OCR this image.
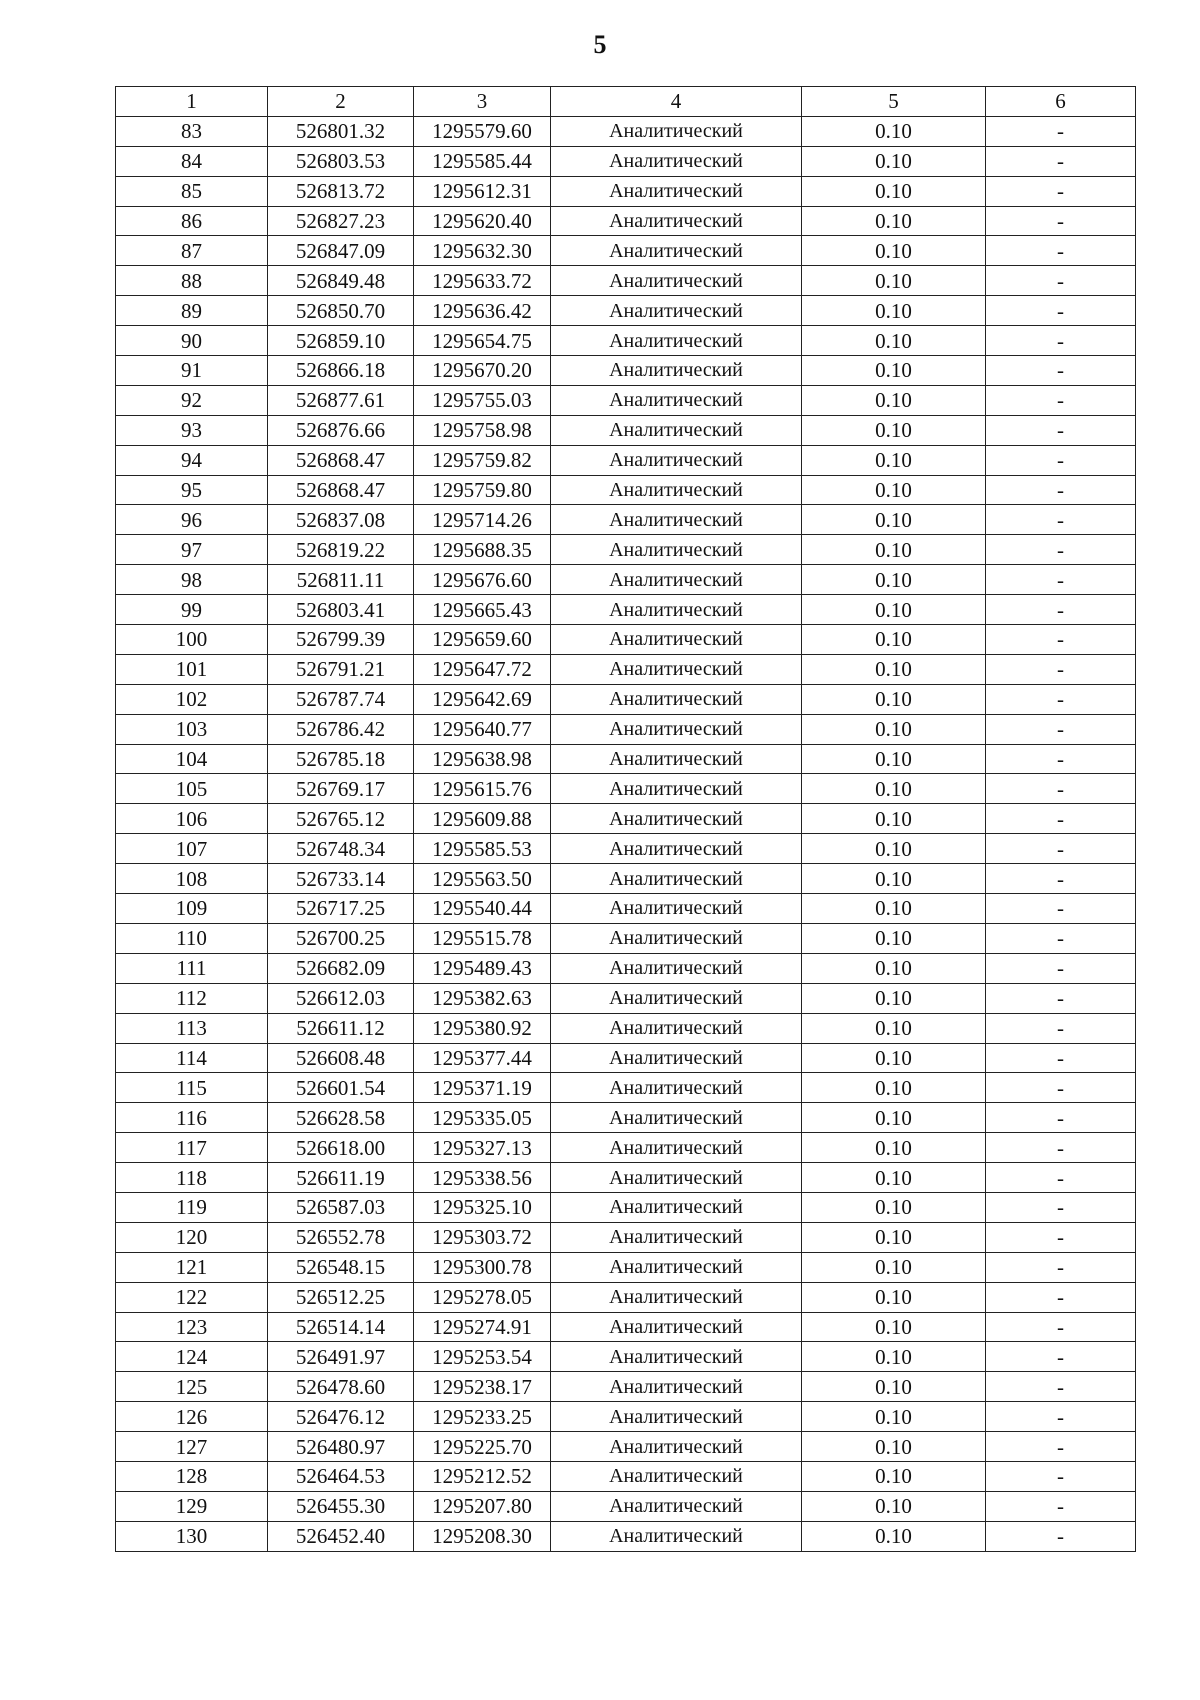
5
1	2	3	4	5	6
83	526801.32	1295579.60	Аналитический	0.10	-
84	526803.53	1295585.44	Аналитический	0.10	-
85	526813.72	1295612.31	Аналитический	0.10	-
86	526827.23	1295620.40	Аналитический	0.10	-
87	526847.09	1295632.30	Аналитический	0.10	-
88	526849.48	1295633.72	Аналитический	0.10	-
89	526850.70	1295636.42	Аналитический	0.10	-
90	526859.10	1295654.75	Аналитический	0.10	-
91	526866.18	1295670.20	Аналитический	0.10	-
92	526877.61	1295755.03	Аналитический	0.10	-
93	526876.66	1295758.98	Аналитический	0.10	-
94	526868.47	1295759.82	Аналитический	0.10	-
95	526868.47	1295759.80	Аналитический	0.10	-
96	526837.08	1295714.26	Аналитический	0.10	-
97	526819.22	1295688.35	Аналитический	0.10	-
98	526811.11	1295676.60	Аналитический	0.10	-
99	526803.41	1295665.43	Аналитический	0.10	-
100	526799.39	1295659.60	Аналитический	0.10	-
101	526791.21	1295647.72	Аналитический	0.10	-
102	526787.74	1295642.69	Аналитический	0.10	-
103	526786.42	1295640.77	Аналитический	0.10	-
104	526785.18	1295638.98	Аналитический	0.10	-
105	526769.17	1295615.76	Аналитический	0.10	-
106	526765.12	1295609.88	Аналитический	0.10	-
107	526748.34	1295585.53	Аналитический	0.10	-
108	526733.14	1295563.50	Аналитический	0.10	-
109	526717.25	1295540.44	Аналитический	0.10	-
110	526700.25	1295515.78	Аналитический	0.10	-
111	526682.09	1295489.43	Аналитический	0.10	-
112	526612.03	1295382.63	Аналитический	0.10	-
113	526611.12	1295380.92	Аналитический	0.10	-
114	526608.48	1295377.44	Аналитический	0.10	-
115	526601.54	1295371.19	Аналитический	0.10	-
116	526628.58	1295335.05	Аналитический	0.10	-
117	526618.00	1295327.13	Аналитический	0.10	-
118	526611.19	1295338.56	Аналитический	0.10	-
119	526587.03	1295325.10	Аналитический	0.10	-
120	526552.78	1295303.72	Аналитический	0.10	-
121	526548.15	1295300.78	Аналитический	0.10	-
122	526512.25	1295278.05	Аналитический	0.10	-
123	526514.14	1295274.91	Аналитический	0.10	-
124	526491.97	1295253.54	Аналитический	0.10	-
125	526478.60	1295238.17	Аналитический	0.10	-
126	526476.12	1295233.25	Аналитический	0.10	-
127	526480.97	1295225.70	Аналитический	0.10	-
128	526464.53	1295212.52	Аналитический	0.10	-
129	526455.30	1295207.80	Аналитический	0.10	-
130	526452.40	1295208.30	Аналитический	0.10	-
